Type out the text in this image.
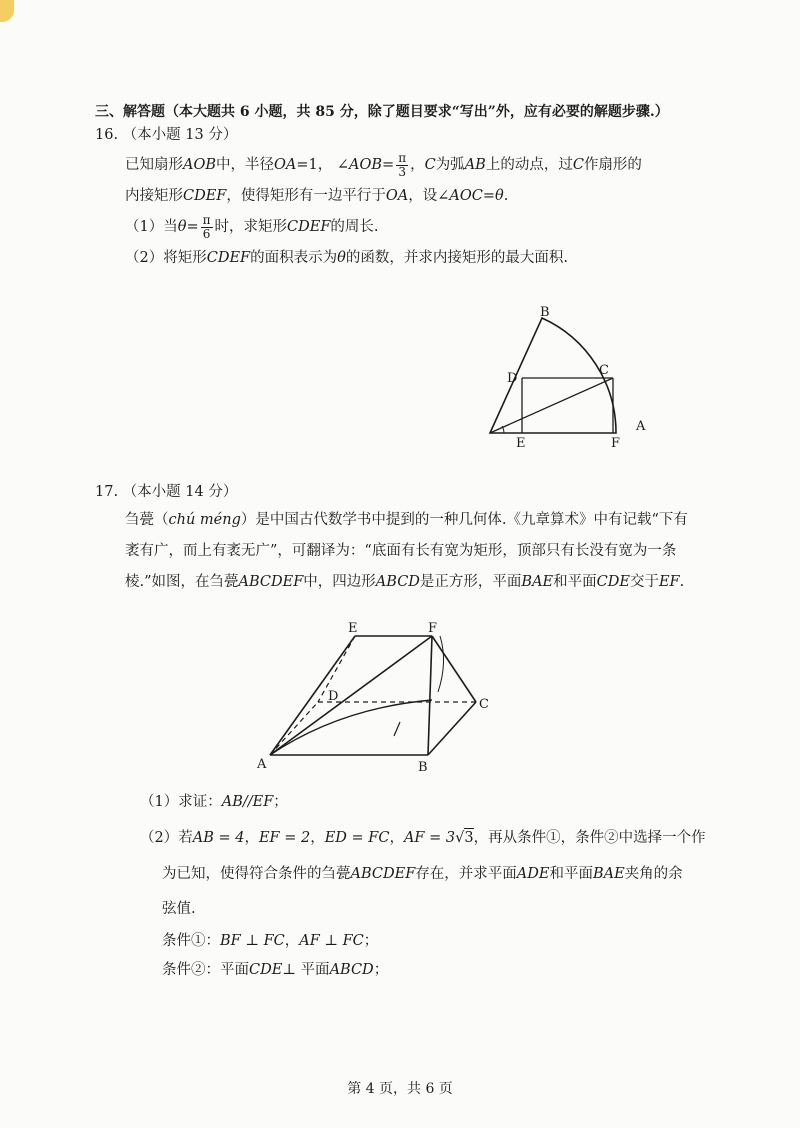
三、解答题（本大题共 6 小题，共 85 分，除了题目要求“写出”外，应有必要的解题步骤.）
16. （本小题 13 分）
已知扇形AOB中，半径OA=1， ∠AOB= $\frac{\pi}{3}$ ，C为弧AB上的动点，过C作扇形的
内接矩形CDEF，使得矩形有一边平行于OA，设∠AOC=θ.
（1）当$\theta= \frac{\pi}{6}$ 时，求矩形CDEF的周长.
（2）将矩形CDEF的面积表示为θ的函数，并求内接矩形的最大面积.
B
D
C
A
E	F
17. （本小题 14 分）
刍甍（chú méng）是中国古代数学书中提到的一种几何体.《九章算术》中有记载“下有
袤有广，而上有袤无广”，可翻译为：“底面有长有宽为矩形，顶部只有长没有宽为一条
棱.”如图，在刍甍ABCDEF中，四边形ABCD是正方形，平面BAE和平面CDE交于EF.
E	F
D
C
A	B
（1）求证：AB//EF；
（2）若AB = 4，EF = 2，ED = FC，AF = 3√3，再从条件①，条件②中选择一个作
为已知，使得符合条件的刍甍ABCDEF存在，并求平面ADE和平面BAE夹角的余
弦值.
条件①：BF ⊥ FC，AF ⊥ FC；
条件②：平面CDE⊥ 平面ABCD；
第 4 页，共 6 页
